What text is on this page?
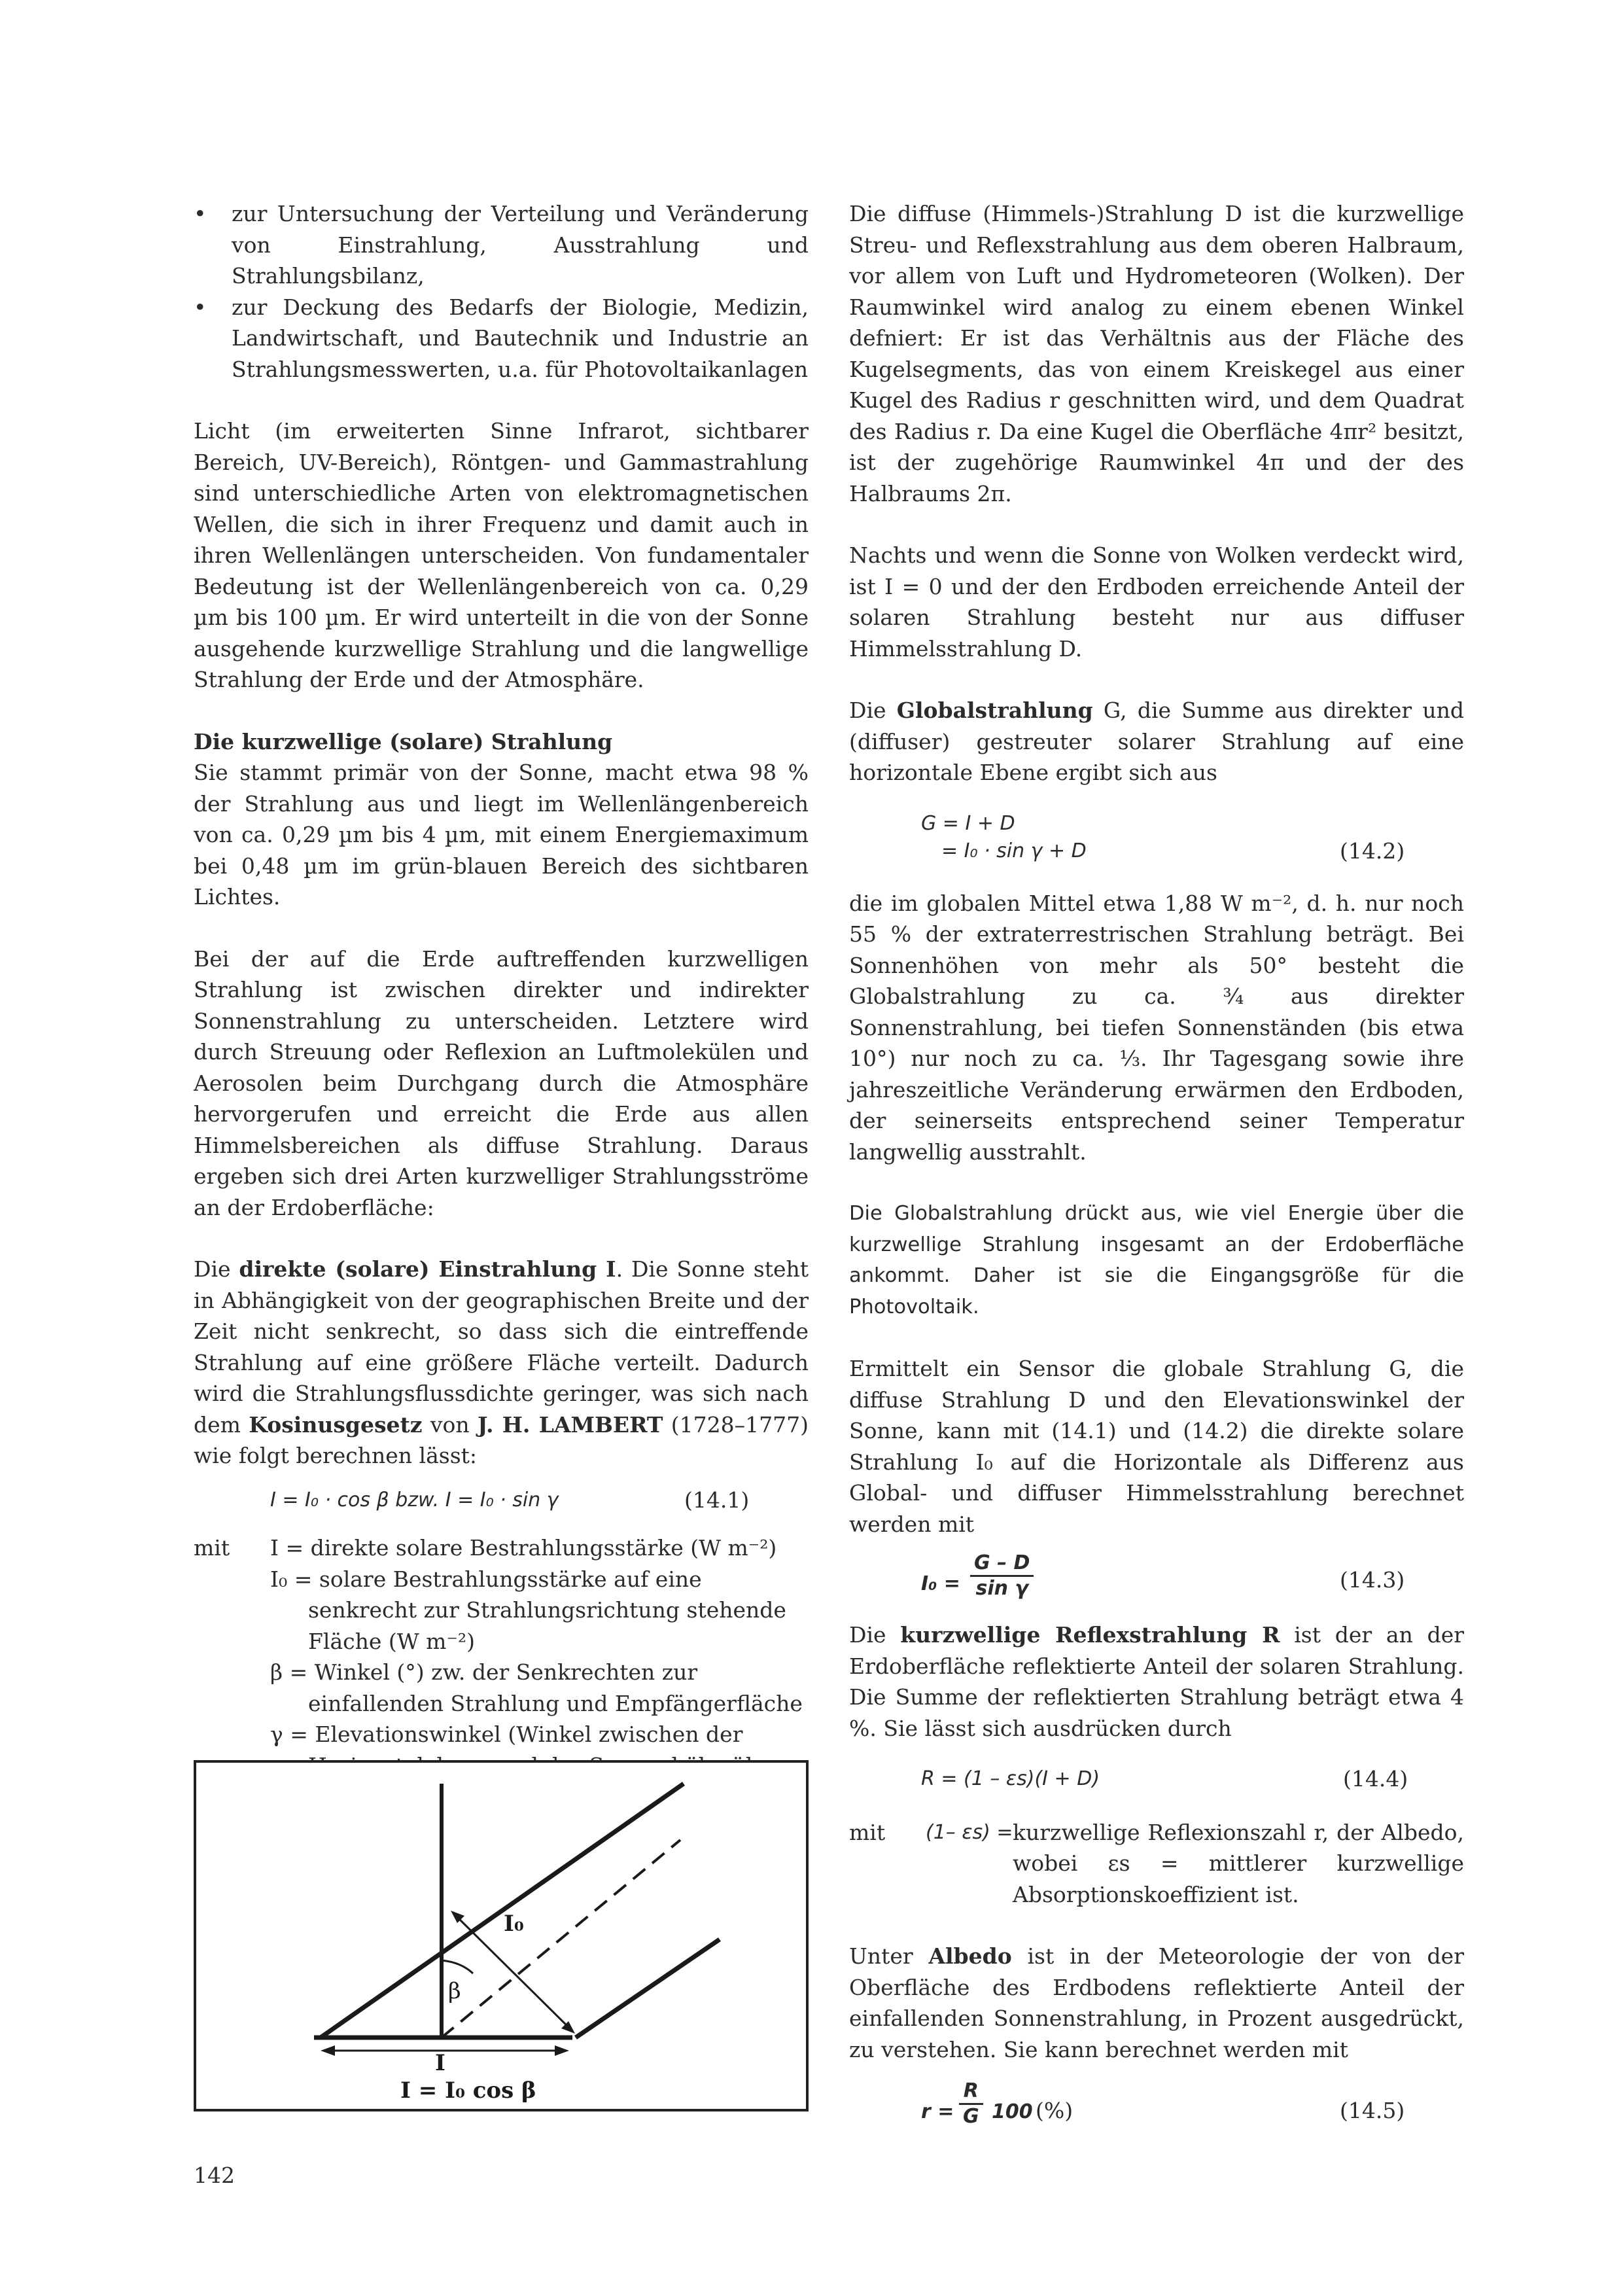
• zur Untersuchung der Verteilung und Veränderung von Einstrahlung, Ausstrahlung und Strahlungsbilanz,
• zur Deckung des Bedarfs der Biologie, Medizin, Landwirtschaft, und Bautechnik und Industrie an Strahlungsmesswerten, u.a. für Photovoltaikanlagen

Licht (im erweiterten Sinne Infrarot, sichtbarer Bereich, UV-Bereich), Röntgen- und Gammastrahlung sind unterschiedliche Arten von elektromagnetischen Wellen, die sich in ihrer Frequenz und damit auch in ihren Wellenlängen unterscheiden. Von fundamentaler Bedeutung ist der Wellenlängenbereich von ca. 0,29 µm bis 100 µm. Er wird unterteilt in die von der Sonne ausgehende kurzwellige Strahlung und die langwellige Strahlung der Erde und der Atmosphäre.

Die kurzwellige (solare) Strahlung

Sie stammt primär von der Sonne, macht etwa 98 % der Strahlung aus und liegt im Wellenlängenbereich von ca. 0,29 µm bis 4 µm, mit einem Energiemaximum bei 0,48 µm im grün-blauen Bereich des sichtbaren Lichtes.

Bei der auf die Erde auftreffenden kurzwelligen Strahlung ist zwischen direkter und indirekter Sonnenstrahlung zu unterscheiden. Letztere wird durch Streuung oder Reflexion an Luftmolekülen und Aerosolen beim Durchgang durch die Atmosphäre hervorgerufen und erreicht die Erde aus allen Himmelsbereichen als diffuse Strahlung. Daraus ergeben sich drei Arten kurzwelliger Strahlungsströme an der Erdoberfläche:

Die direkte (solare) Einstrahlung I. Die Sonne steht in Abhängigkeit von der geographischen Breite und der Zeit nicht senkrecht, so dass sich die eintreffende Strahlung auf eine größere Fläche verteilt. Dadurch wird die Strahlungsflussdichte geringer, was sich nach dem Kosinusgesetz von J. H. LAMBERT (1728–1777) wie folgt berechnen lässt:

I = I₀ · cos β bzw. I = I₀ · sin γ	(14.1)
mit I = direkte solare Bestrahlungsstärke (W m⁻²)
I₀ = solare Bestrahlungsstärke auf eine senkrecht zur Strahlungsrichtung stehende Fläche (W m⁻²)
β = Winkel (°) zw. der Senkrechten zur einfallenden Strahlung und Empfängerfläche
γ = Elevationswinkel (Winkel zwischen der
I₀
β
I
I = I₀ cos β

Die diffuse (Himmels-)Strahlung D ist die kurzwellige Streu- und Reflexstrahlung aus dem oberen Halbraum, vor allem von Luft und Hydrometeoren (Wolken). Der Raumwinkel wird analog zu einem ebenen Winkel defniert: Er ist das Verhältnis aus der Fläche des Kugelsegments, das von einem Kreiskegel aus einer Kugel des Radius r geschnitten wird, und dem Quadrat des Radius r. Da eine Kugel die Oberfläche 4πr² besitzt, ist der zugehörige Raumwinkel 4π und der des Halbraums 2π.

Nachts und wenn die Sonne von Wolken verdeckt wird, ist I = 0 und der den Erdboden erreichende Anteil der solaren Strahlung besteht nur aus diffuser Himmelsstrahlung D.

Die Globalstrahlung G, die Summe aus direkter und (diffuser) gestreuter solarer Strahlung auf eine horizontale Ebene ergibt sich aus

G = I + D
= I₀ · sin γ + D	(14.2)

die im globalen Mittel etwa 1,88 W m⁻², d. h. nur noch 55 % der extraterrestrischen Strahlung beträgt. Bei Sonnenhöhen von mehr als 50° besteht die Globalstrahlung zu ca. ¾ aus direkter Sonnenstrahlung, bei tiefen Sonnenständen (bis etwa 10°) nur noch zu ca. ⅓. Ihr Tagesgang sowie ihre jahreszeitliche Veränderung erwärmen den Erdboden, der seinerseits entsprechend seiner Temperatur langwellig ausstrahlt.

Die Globalstrahlung drückt aus, wie viel Energie über die kurzwellige Strahlung insgesamt an der Erdoberfläche ankommt. Daher ist sie die Eingangsgröße für die Photovoltaik.

Ermittelt ein Sensor die globale Strahlung G, die diffuse Strahlung D und den Elevationswinkel der Sonne, kann mit (14.1) und (14.2) die direkte solare Strahlung I₀ auf die Horizontale als Differenz aus Global- und diffuser Himmelsstrahlung berechnet werden mit

$I_0 = \frac{G - D}{\text{sin γ}}$	(14.3)

Die kurzwellige Reflexstrahlung R ist der an der Erdoberfläche reflektierte Anteil der solaren Strahlung. Die Summe der reflektierten Strahlung beträgt etwa 4 %. Sie lässt sich ausdrücken durch

R = (1 – εs)(I + D)	(14.4)
mit (1– εs) = kurzwellige Reflexionszahl r, der Albedo, wobei εs = mittlerer kurzwellige Absorptionskoeffizient ist.

Unter Albedo ist in der Meteorologie der von der Oberfläche des Erdbodens reflektierte Anteil der einfallenden Sonnenstrahlung, in Prozent ausgedrückt, zu verstehen. Sie kann berechnet werden mit

$r = \frac{R}{G} 100$ (%)	(14.5)
142
